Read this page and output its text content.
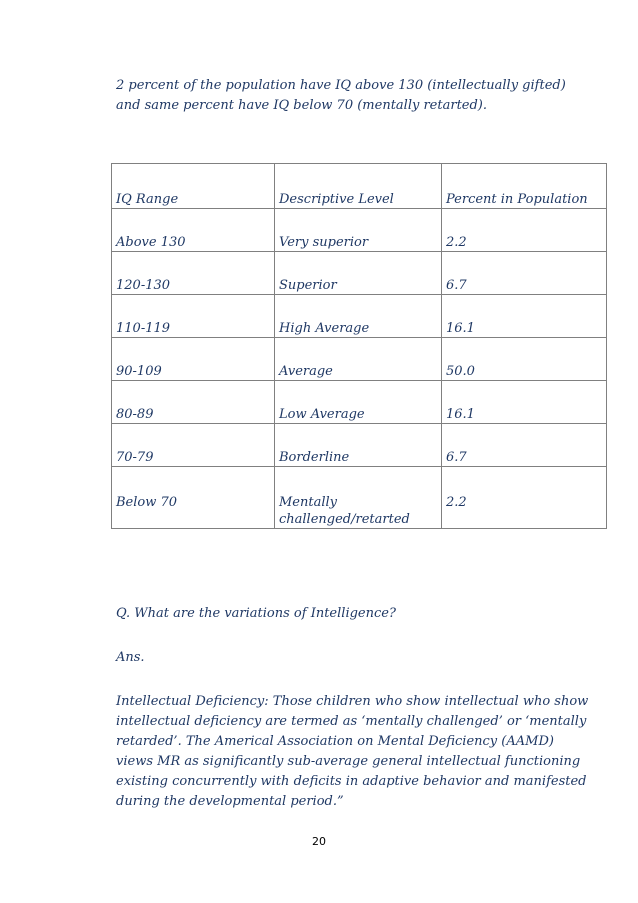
2 percent of the population have IQ above 130 (intellectually gifted)
and same percent have IQ below 70 (mentally retarted).

IQ Range	Descriptive Level	Percent in Population

Above 130	Very superior	2.2

120-130	Superior	6.7

110-119	High Average	16.1

90-109	Average	50.0

80-89	Low Average	16.1

70-79	Borderline	6.7

Below 70	Mentally challenged/retarted	2.2

Q. What are the variations of Intelligence?

Ans.

Intellectual Deficiency: Those children who show intellectual who show
intellectual deficiency are termed as ‘mentally challenged’ or ‘mentally
retarded’. The Americal Association on Mental Deficiency (AAMD)
views MR as significantly sub-average general intellectual functioning
existing concurrently with deficits in adaptive behavior and manifested
during the developmental period.”

20
